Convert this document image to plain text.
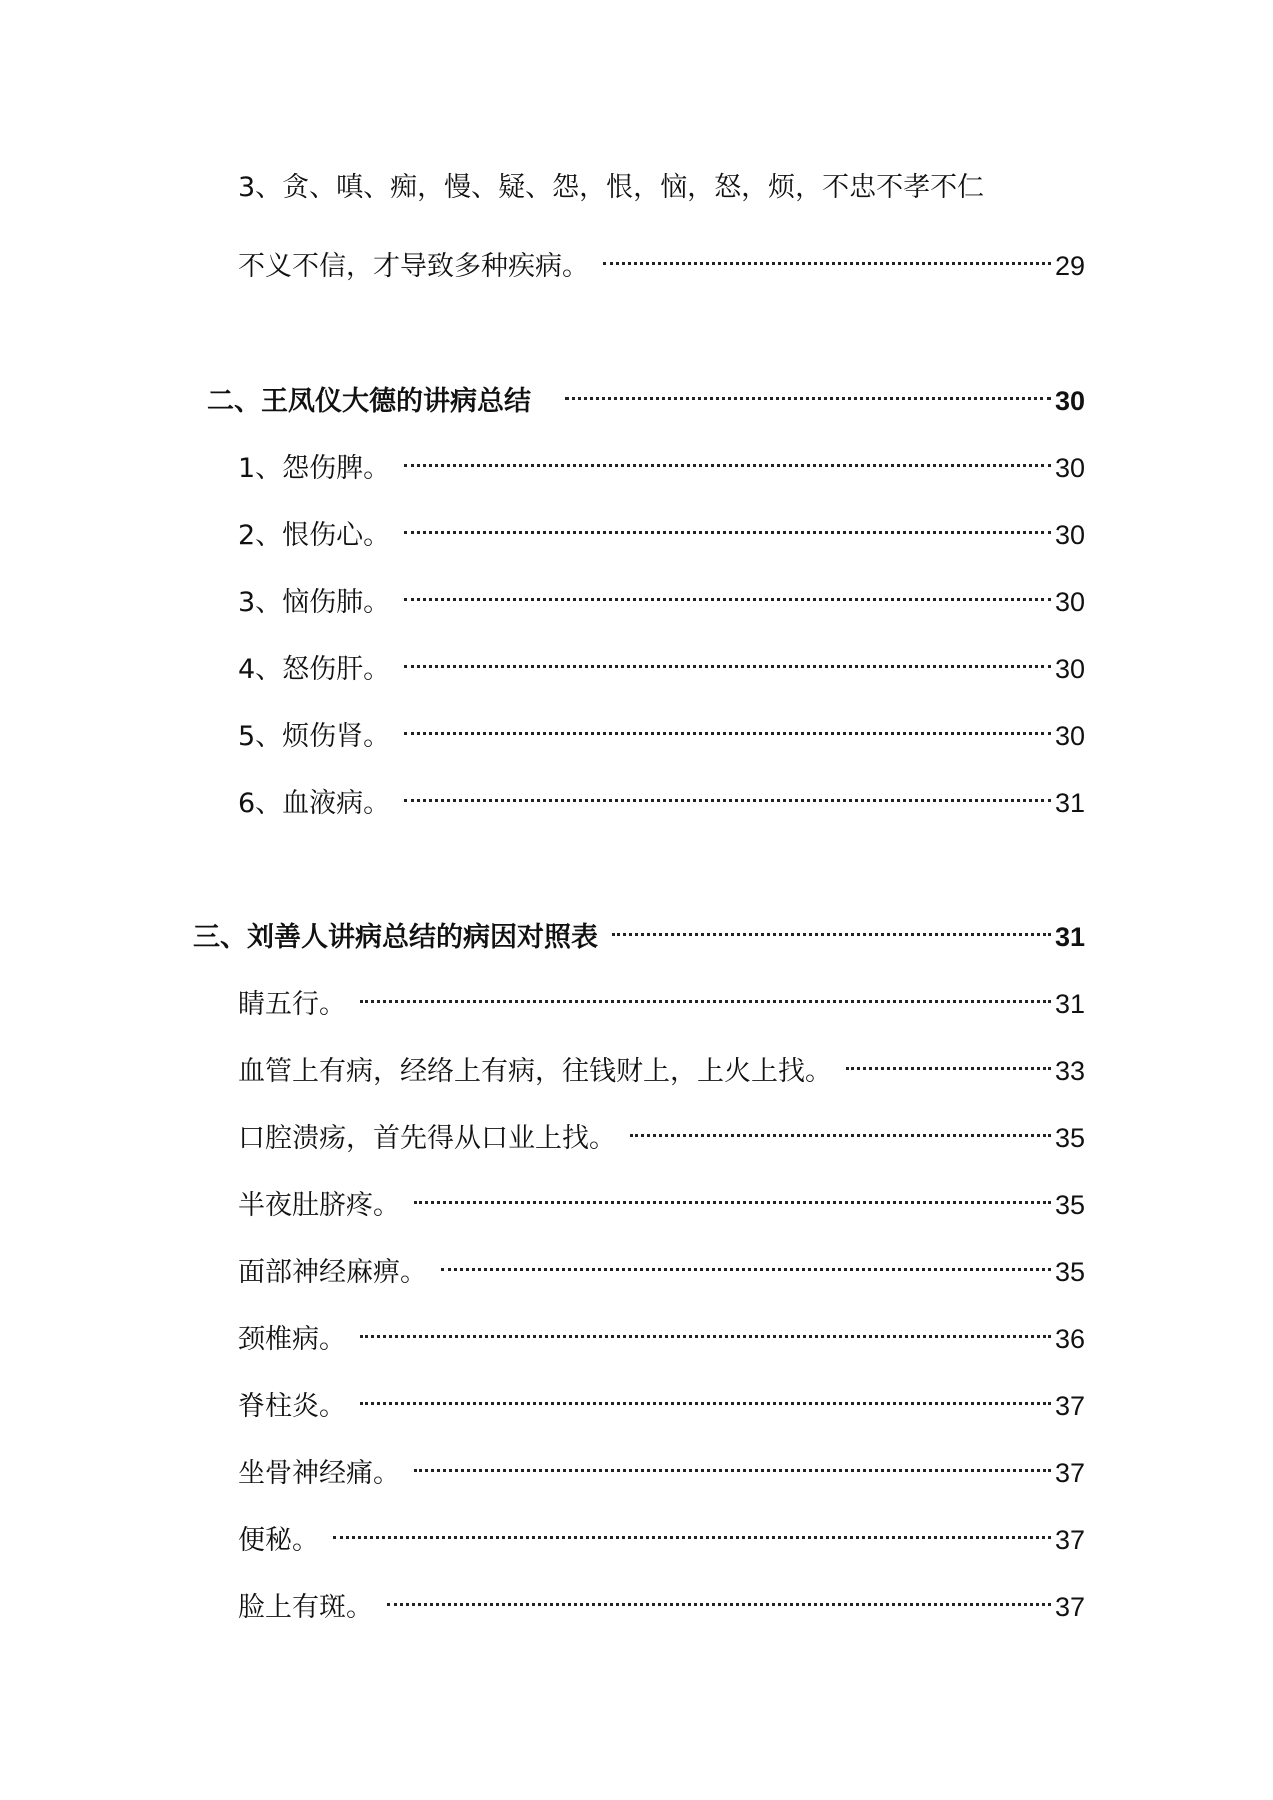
3、贪、嗔、痴，慢、疑、怨，恨，恼，怒，烦，不忠不孝不仁
不义不信，才导致多种疾病。	29
二、王凤仪大德的讲病总结	30
1、怨伤脾。	30
2、恨伤心。	30
3、恼伤肺。	30
4、怒伤肝。	30
5、烦伤肾。	30
6、血液病。	31
三、刘善人讲病总结的病因对照表	31
睛五行。	31
血管上有病，经络上有病，往钱财上，上火上找。	33
口腔溃疡，首先得从口业上找。	35
半夜肚脐疼。	35
面部神经麻痹。	35
颈椎病。	36
脊柱炎。	37
坐骨神经痛。	37
便秘。	37
脸上有斑。	37
